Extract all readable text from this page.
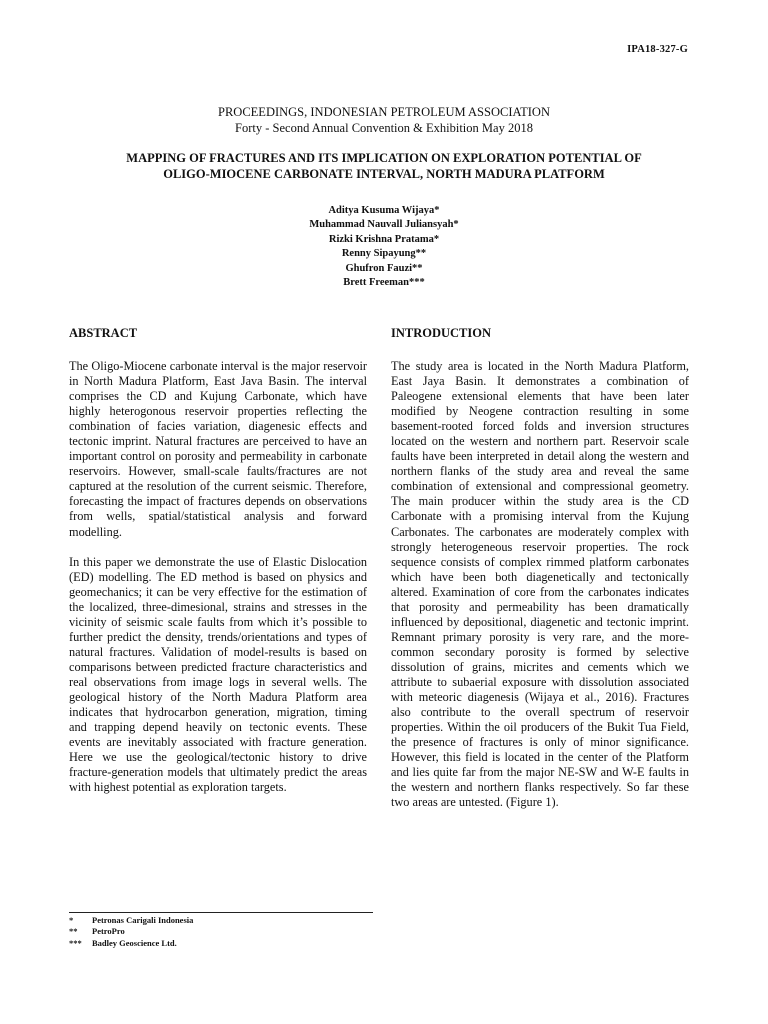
IPA18-327-G
PROCEEDINGS, INDONESIAN PETROLEUM ASSOCIATION
Forty - Second Annual Convention & Exhibition May 2018
MAPPING OF FRACTURES AND ITS IMPLICATION ON EXPLORATION POTENTIAL OF
OLIGO-MIOCENE CARBONATE INTERVAL, NORTH MADURA PLATFORM
Aditya Kusuma Wijaya*
Muhammad Nauvall Juliansyah*
Rizki Krishna Pratama*
Renny Sipayung**
Ghufron Fauzi**
Brett Freeman***
ABSTRACT

The Oligo-Miocene carbonate interval is the major reservoir in North Madura Platform, East Java Basin. The interval comprises the CD and Kujung Carbonate, which have highly heterogonous reservoir properties reflecting the combination of facies variation, diagenesic effects and tectonic imprint. Natural fractures are perceived to have an important control on porosity and permeability in carbonate reservoirs. However, small-scale faults/fractures are not captured at the resolution of the current seismic. Therefore, forecasting the impact of fractures depends on observations from wells, spatial/statistical analysis and forward modelling.

In this paper we demonstrate the use of Elastic Dislocation (ED) modelling. The ED method is based on physics and geomechanics; it can be very effective for the estimation of the localized, three-dimesional, strains and stresses in the vicinity of seismic scale faults from which it’s possible to further predict the density, trends/orientations and types of natural fractures. Validation of model-results is based on comparisons between predicted fracture characteristics and real observations from image logs in several wells. The geological history of the North Madura Platform area indicates that hydrocarbon generation, migration, timing and trapping depend heavily on tectonic events. These events are inevitably associated with fracture generation. Here we use the geological/tectonic history to drive fracture-generation models that ultimately predict the areas with highest potential as exploration targets.

INTRODUCTION

The study area is located in the North Madura Platform, East Jaya Basin. It demonstrates a combination of Paleogene extensional elements that have been later modified by Neogene contraction resulting in some basement-rooted forced folds and inversion structures located on the western and northern part. Reservoir scale faults have been interpreted in detail along the western and northern flanks of the study area and reveal the same combination of extensional and compressional geometry. The main producer within the study area is the CD Carbonate with a promising interval from the Kujung Carbonates. The carbonates are moderately complex with strongly heterogeneous reservoir properties. The rock sequence consists of complex rimmed platform carbonates which have been both diagenetically and tectonically altered. Examination of core from the carbonates indicates that porosity and permeability has been dramatically influenced by depositional, diagenetic and tectonic imprint. Remnant primary porosity is very rare, and the more-common secondary porosity is formed by selective dissolution of grains, micrites and cements which we attribute to subaerial exposure with dissolution associated with meteoric diagenesis (Wijaya et al., 2016). Fractures also contribute to the overall spectrum of reservoir properties. Within the oil producers of the Bukit Tua Field, the presence of fractures is only of minor significance. However, this field is located in the center of the Platform and lies quite far from the major NE-SW and W-E faults in the western and northern flanks respectively. So far these two areas are untested. (Figure 1).

*	Petronas Carigali Indonesia
**	PetroPro
***	Badley Geoscience Ltd.
